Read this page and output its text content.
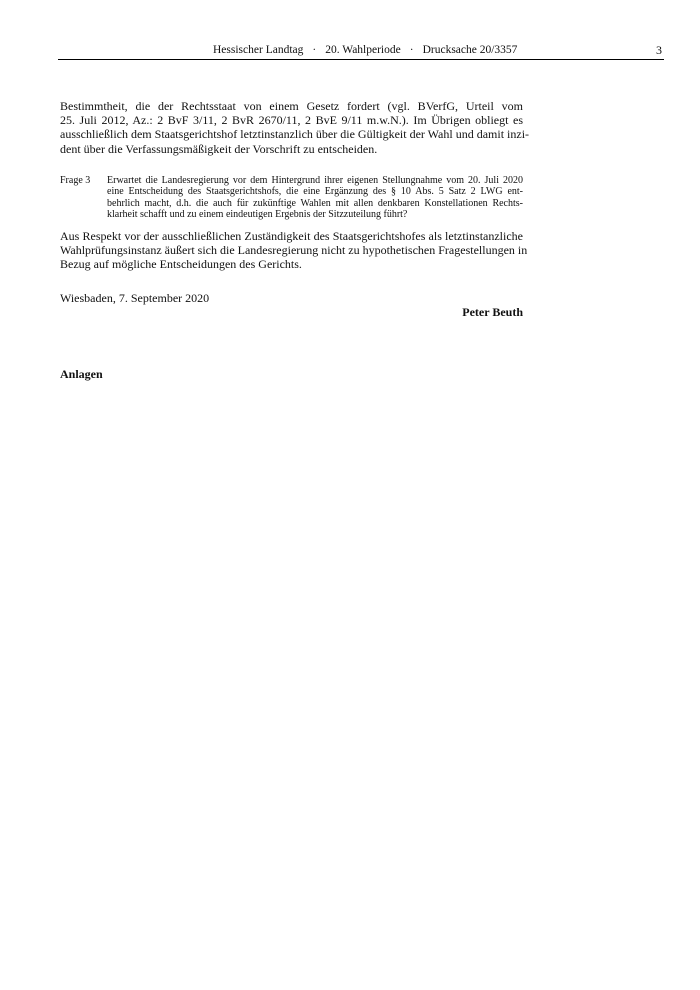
Hessischer Landtag · 20. Wahlperiode · Drucksache 20/3357	3
Bestimmtheit, die der Rechtsstaat von einem Gesetz fordert (vgl. BVerfG, Urteil vom
25. Juli 2012, Az.: 2 BvF 3/11, 2 BvR 2670/11, 2 BvE 9/11 m.w.N.). Im Übrigen obliegt es
ausschließlich dem Staatsgerichtshof letztinstanzlich über die Gültigkeit der Wahl und damit inzi-
dent über die Verfassungsmäßigkeit der Vorschrift zu entscheiden.
Frage 3	Erwartet die Landesregierung vor dem Hintergrund ihrer eigenen Stellungnahme vom 20. Juli 2020
eine Entscheidung des Staatsgerichtshofs, die eine Ergänzung des § 10 Abs. 5 Satz 2 LWG ent-
behrlich macht, d.h. die auch für zukünftige Wahlen mit allen denkbaren Konstellationen Rechts-
klarheit schafft und zu einem eindeutigen Ergebnis der Sitzzuteilung führt?
Aus Respekt vor der ausschließlichen Zuständigkeit des Staatsgerichtshofes als letztinstanzliche
Wahlprüfungsinstanz äußert sich die Landesregierung nicht zu hypothetischen Fragestellungen in
Bezug auf mögliche Entscheidungen des Gerichts.
Wiesbaden, 7. September 2020
Peter Beuth
Anlagen
